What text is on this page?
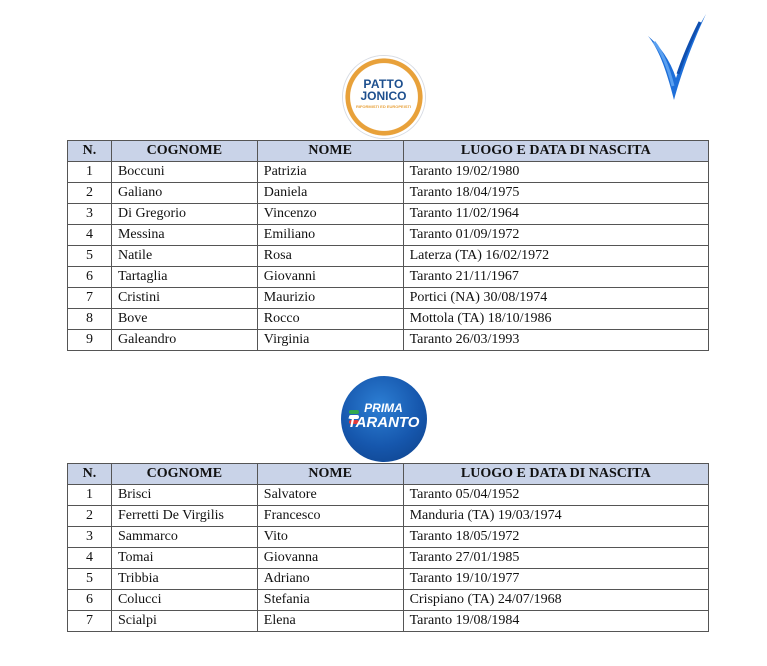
PATTO
JONICO
RIFORMISTI ED EUROPEISTI
N.	COGNOME	NOME	LUOGO E DATA DI NASCITA
1	Boccuni	Patrizia	Taranto 19/02/1980
2	Galiano	Daniela	Taranto 18/04/1975
3	Di Gregorio	Vincenzo	Taranto 11/02/1964
4	Messina	Emiliano	Taranto 01/09/1972
5	Natile	Rosa	Laterza (TA) 16/02/1972
6	Tartaglia	Giovanni	Taranto 21/11/1967
7	Cristini	Maurizio	Portici (NA) 30/08/1974
8	Bove	Rocco	Mottola (TA) 18/10/1986
9	Galeandro	Virginia	Taranto 26/03/1993
PRIMA
TARANTO
N.	COGNOME	NOME	LUOGO E DATA DI NASCITA
1	Brisci	Salvatore	Taranto 05/04/1952
2	Ferretti De Virgilis	Francesco	Manduria (TA) 19/03/1974
3	Sammarco	Vito	Taranto 18/05/1972
4	Tomai	Giovanna	Taranto 27/01/1985
5	Tribbia	Adriano	Taranto 19/10/1977
6	Colucci	Stefania	Crispiano (TA) 24/07/1968
7	Scialpi	Elena	Taranto 19/08/1984
